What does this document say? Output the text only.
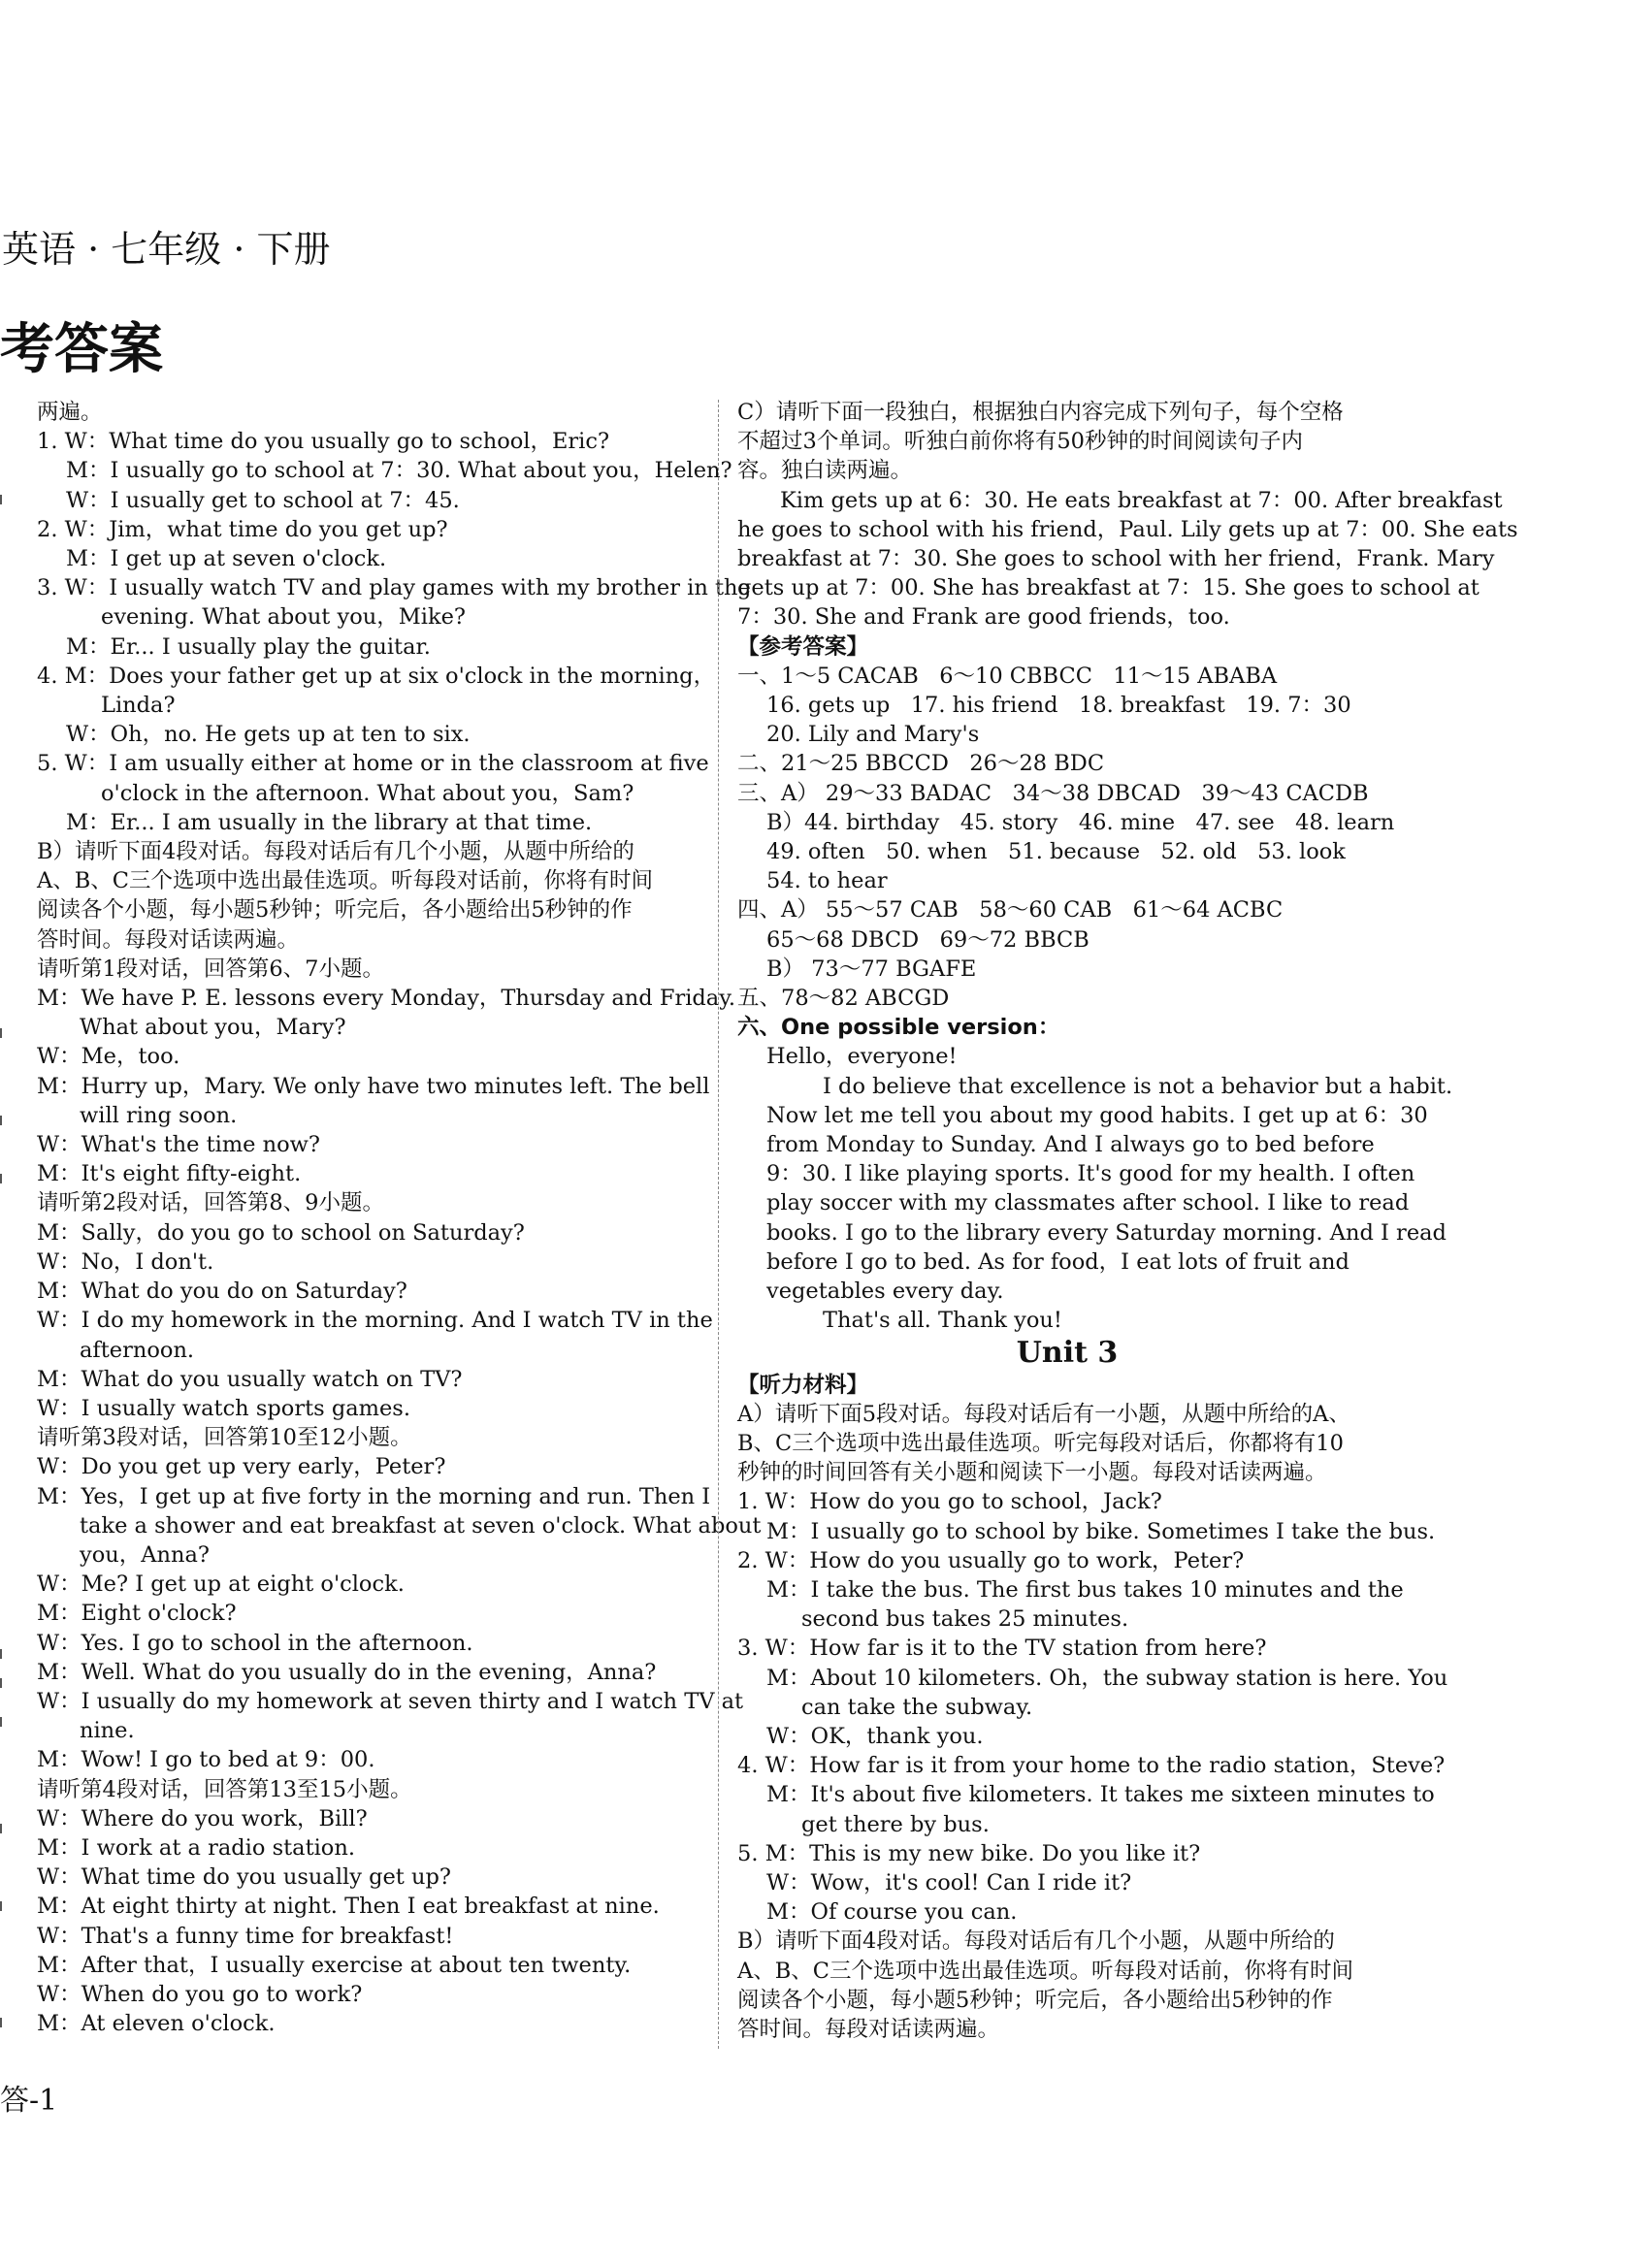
英语 · 七年级 · 下册
考答案
两遍。
1. W：What time do you usually go to school，Eric?
M：I usually go to school at 7：30. What about you，Helen?
W：I usually get to school at 7：45.
2. W：Jim，what time do you get up?
M：I get up at seven o'clock.
3. W：I usually watch TV and play games with my brother in the
evening. What about you，Mike?
M：Er... I usually play the guitar.
4. M：Does your father get up at six o'clock in the morning，
Linda?
W：Oh，no. He gets up at ten to six.
5. W：I am usually either at home or in the classroom at five
o'clock in the afternoon. What about you，Sam?
M：Er... I am usually in the library at that time.
B）请听下面4段对话。每段对话后有几个小题，从题中所给的
A、B、C三个选项中选出最佳选项。听每段对话前，你将有时间
阅读各个小题，每小题5秒钟；听完后，各小题给出5秒钟的作
答时间。每段对话读两遍。
请听第1段对话，回答第6、7小题。
M：We have P. E. lessons every Monday，Thursday and Friday.
What about you，Mary?
W：Me，too.
M：Hurry up，Mary. We only have two minutes left. The bell
will ring soon.
W：What's the time now?
M：It's eight fifty-eight.
请听第2段对话，回答第8、9小题。
M：Sally，do you go to school on Saturday?
W：No，I don't.
M：What do you do on Saturday?
W：I do my homework in the morning. And I watch TV in the
afternoon.
M：What do you usually watch on TV?
W：I usually watch sports games.
请听第3段对话，回答第10至12小题。
W：Do you get up very early，Peter?
M：Yes，I get up at five forty in the morning and run. Then I
take a shower and eat breakfast at seven o'clock. What about
you，Anna?
W：Me? I get up at eight o'clock.
M：Eight o'clock?
W：Yes. I go to school in the afternoon.
M：Well. What do you usually do in the evening，Anna?
W：I usually do my homework at seven thirty and I watch TV at
nine.
M：Wow! I go to bed at 9：00.
请听第4段对话，回答第13至15小题。
W：Where do you work，Bill?
M：I work at a radio station.
W：What time do you usually get up?
M：At eight thirty at night. Then I eat breakfast at nine.
W：That's a funny time for breakfast!
M：After that，I usually exercise at about ten twenty.
W：When do you go to work?
M：At eleven o'clock.
C）请听下面一段独白，根据独白内容完成下列句子，每个空格
不超过3个单词。听独白前你将有50秒钟的时间阅读句子内
容。独白读两遍。
Kim gets up at 6：30. He eats breakfast at 7：00. After breakfast
he goes to school with his friend，Paul. Lily gets up at 7：00. She eats
breakfast at 7：30. She goes to school with her friend，Frank. Mary
gets up at 7：00. She has breakfast at 7：15. She goes to school at
7：30. She and Frank are good friends，too.
【参考答案】
一、1～5 CACAB   6～10 CBBCC   11～15 ABABA
16. gets up   17. his friend   18. breakfast   19. 7：30
20. Lily and Mary's
二、21～25 BBCCD   26～28 BDC
三、A） 29～33 BADAC   34～38 DBCAD   39～43 CACDB
B）44. birthday   45. story   46. mine   47. see   48. learn
49. often   50. when   51. because   52. old   53. look
54. to hear
四、A） 55～57 CAB   58～60 CAB   61～64 ACBC
65～68 DBCD   69～72 BBCB
B） 73～77 BGAFE
五、78～82 ABCGD
六、One possible version：
Hello，everyone!
I do believe that excellence is not a behavior but a habit.
Now let me tell you about my good habits. I get up at 6：30
from Monday to Sunday. And I always go to bed before
9：30. I like playing sports. It's good for my health. I often
play soccer with my classmates after school. I like to read
books. I go to the library every Saturday morning. And I read
before I go to bed. As for food，I eat lots of fruit and
vegetables every day.
That's all. Thank you!
Unit 3
【听力材料】
A）请听下面5段对话。每段对话后有一小题，从题中所给的A、
B、C三个选项中选出最佳选项。听完每段对话后，你都将有10
秒钟的时间回答有关小题和阅读下一小题。每段对话读两遍。
1. W：How do you go to school，Jack?
M：I usually go to school by bike. Sometimes I take the bus.
2. W：How do you usually go to work，Peter?
M：I take the bus. The first bus takes 10 minutes and the
second bus takes 25 minutes.
3. W：How far is it to the TV station from here?
M：About 10 kilometers. Oh，the subway station is here. You
can take the subway.
W：OK，thank you.
4. W：How far is it from your home to the radio station，Steve?
M：It's about five kilometers. It takes me sixteen minutes to
get there by bus.
5. M：This is my new bike. Do you like it?
W：Wow，it's cool! Can I ride it?
M：Of course you can.
B）请听下面4段对话。每段对话后有几个小题，从题中所给的
A、B、C三个选项中选出最佳选项。听每段对话前，你将有时间
阅读各个小题，每小题5秒钟；听完后，各小题给出5秒钟的作
答时间。每段对话读两遍。
答-1
